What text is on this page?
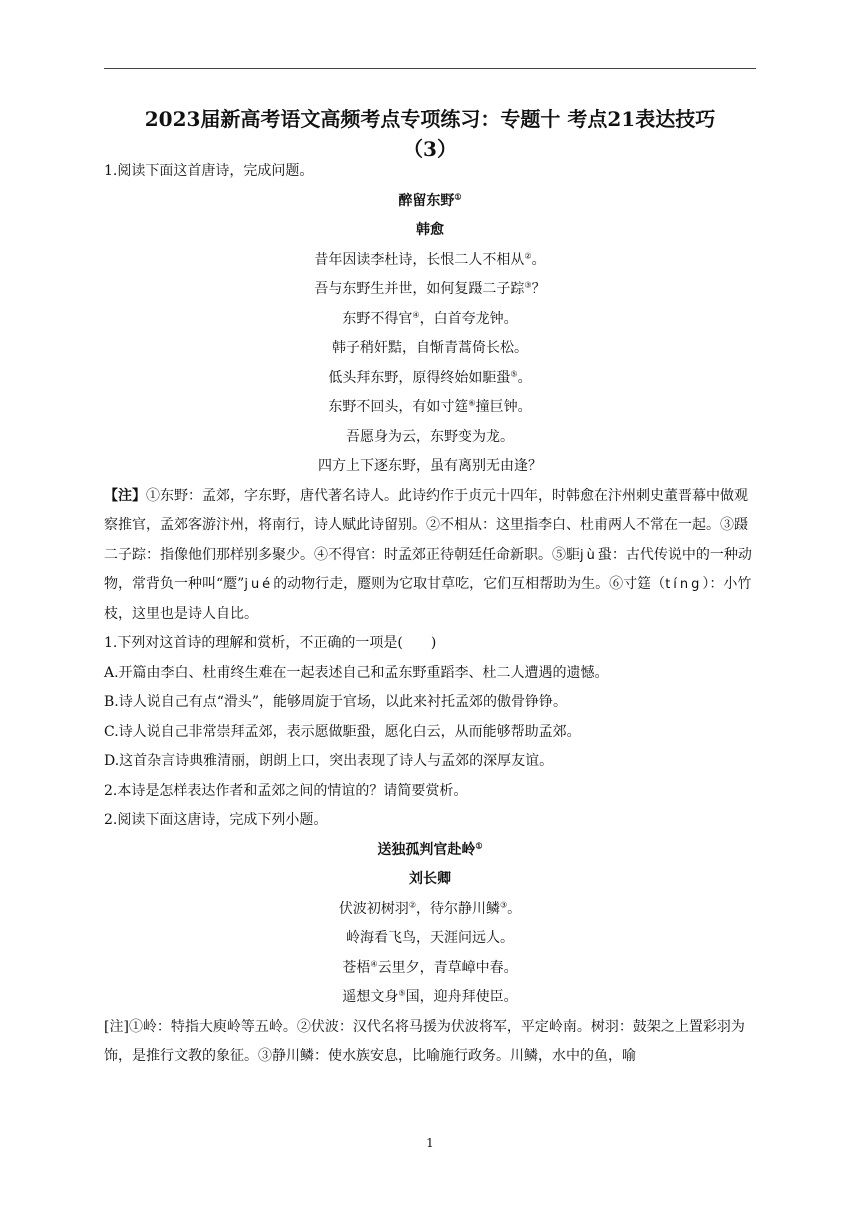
2023届新高考语文高频考点专项练习：专题十 考点21表达技巧
（3）

1.阅读下面这首唐诗，完成问题。

醉留东野①

韩愈

昔年因读李杜诗，长恨二人不相从②。

吾与东野生并世，如何复蹑二子踪③？

东野不得官④，白首夸龙钟。

韩子稍奸黠，自惭青蒿倚长松。

低头拜东野，原得终始如駏蛩⑤。

东野不回头，有如寸筳⑥撞巨钟。

吾愿身为云，东野变为龙。

四方上下逐东野，虽有离别无由逢？

【注】①东野：孟郊，字东野，唐代著名诗人。此诗约作于贞元十四年，时韩愈在汴州刺史董晋幕中做观察推官，孟郊客游汴州，将南行，诗人赋此诗留别。②不相从：这里指李白、杜甫两人不常在一起。③蹑二子踪：指像他们那样别多聚少。④不得官：时孟郊正待朝廷任命新职。⑤駏jù蛩：古代传说中的一种动物，常背负一种叫“蹷”jué的动物行走，蹷则为它取甘草吃，它们互相帮助为生。⑥寸筳（tíng）：小竹枝，这里也是诗人自比。

1.下列对这首诗的理解和赏析，不正确的一项是(　　)

A.开篇由李白、杜甫终生难在一起表述自己和孟东野重蹈李、杜二人遭遇的遗憾。

B.诗人说自己有点“滑头”，能够周旋于官场，以此来衬托孟郊的傲骨铮铮。

C.诗人说自己非常崇拜孟郊，表示愿做駏蛩，愿化白云，从而能够帮助孟郊。

D.这首杂言诗典雅清丽，朗朗上口，突出表现了诗人与孟郊的深厚友谊。

2.本诗是怎样表达作者和孟郊之间的情谊的？请简要赏析。

2.阅读下面这唐诗，完成下列小题。

送独孤判官赴岭①

刘长卿

伏波初树羽②，待尔静川鳞③。

岭海看飞鸟，天涯问远人。

苍梧④云里夕，青草嶂中春。

遥想文身⑤国，迎舟拜使臣。

[注]①岭：特指大庾岭等五岭。②伏波：汉代名将马援为伏波将军，平定岭南。树羽：鼓架之上置彩羽为饰，是推行文教的象征。③静川鳞：使水族安息，比喻施行政务。川鳞，水中的鱼，喻
1
